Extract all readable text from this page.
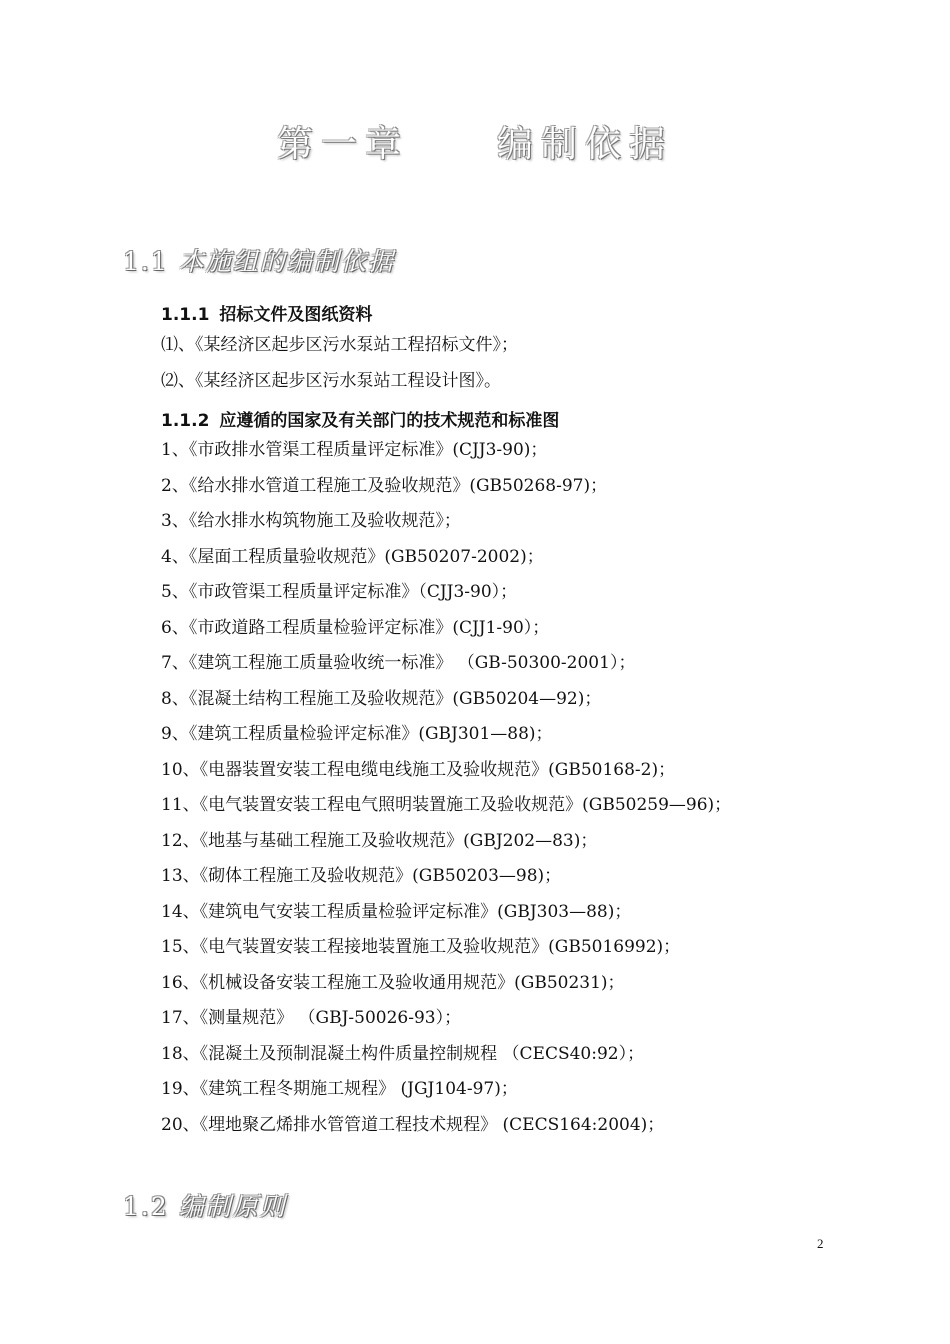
第一章 编制依据
1.1 本施组的编制依据
1.1.1 招标文件及图纸资料
⑴、《某经济区起步区污水泵站工程招标文件》；
⑵、《某经济区起步区污水泵站工程设计图》。
1.1.2 应遵循的国家及有关部门的技术规范和标准图
1、《市政排水管渠工程质量评定标准》(CJJ3-90)；
2、《给水排水管道工程施工及验收规范》(GB50268-97)；
3、《给水排水构筑物施工及验收规范》；
4、《屋面工程质量验收规范》(GB50207-2002)；
5、《市政管渠工程质量评定标准》（CJJ3-90）；
6、《市政道路工程质量检验评定标准》(CJJ1-90）；
7、《建筑工程施工质量验收统一标准》 （GB-50300-2001）；
8、《混凝土结构工程施工及验收规范》(GB50204—92)；
9、《建筑工程质量检验评定标准》(GBJ301—88)；
10、《电器装置安装工程电缆电线施工及验收规范》(GB50168-2)；
11、《电气装置安装工程电气照明装置施工及验收规范》(GB50259—96)；
12、《地基与基础工程施工及验收规范》(GBJ202—83)；
13、《砌体工程施工及验收规范》(GB50203—98)；
14、《建筑电气安装工程质量检验评定标准》(GBJ303—88)；
15、《电气装置安装工程接地装置施工及验收规范》(GB5016992)；
16、《机械设备安装工程施工及验收通用规范》(GB50231)；
17、《测量规范》 （GBJ-50026-93）；
18、《混凝土及预制混凝土构件质量控制规程 （CECS40:92）；
19、《建筑工程冬期施工规程》 (JGJ104-97)；
20、《埋地聚乙烯排水管管道工程技术规程》 (CECS164:2004)；
1.2 编制原则
2
